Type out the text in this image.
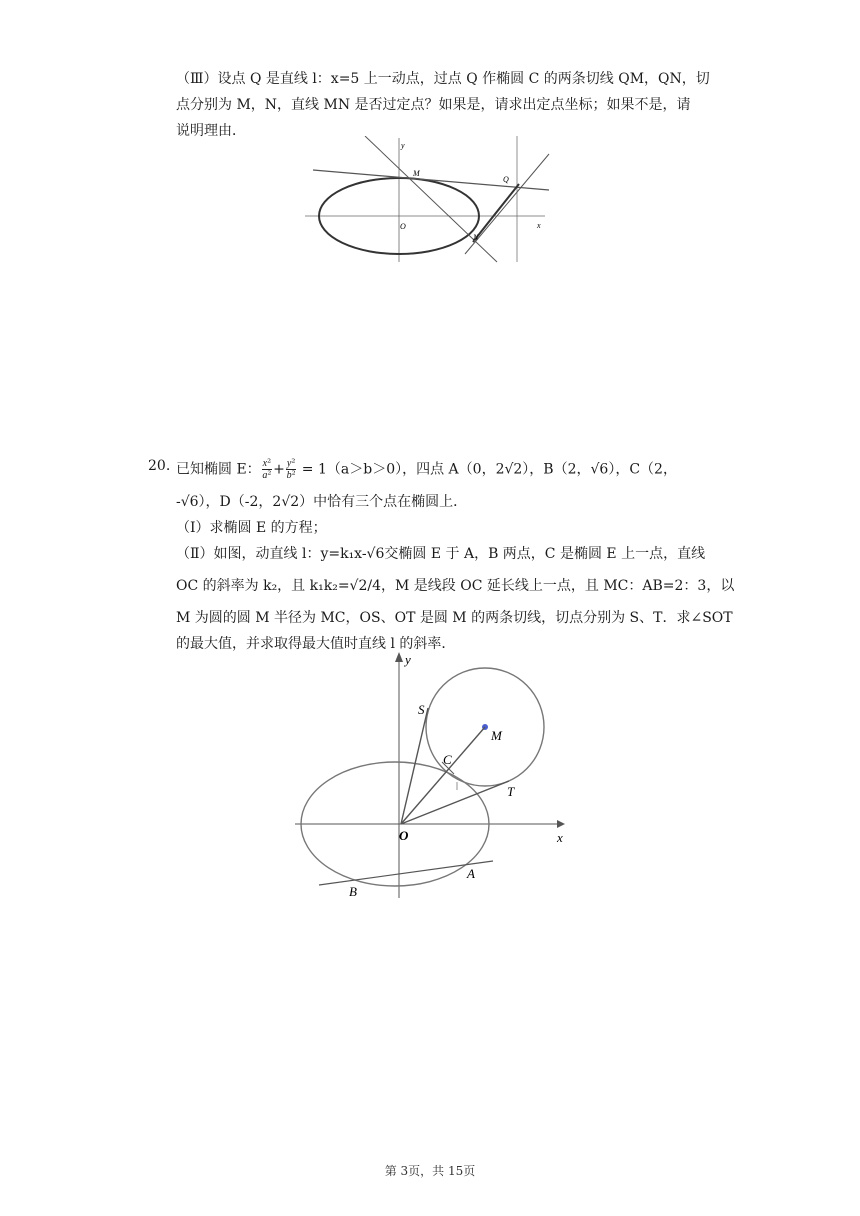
（Ⅲ）设点 Q 是直线 l：x=5 上一动点，过点 Q 作椭圆 C 的两条切线 QM，QN，切
点分别为 M，N，直线 MN 是否过定点？如果是，请求出定点坐标；如果不是，请
说明理由．
y
x
O
M
N
Q
20. 已知椭圆 E： $\frac{\text{x²}}{\text{a²}} + \frac{\text{y²}}{\text{b²}} = 1(a>b>0)$，四点 A（0，2√2），B（2，√6），C（2，
-√6），D（-2，2√2）中恰有三个点在椭圆上．
（Ⅰ）求椭圆 E 的方程；
（Ⅱ）如图，动直线 l：y=k₁x-√6交椭圆 E 于 A，B 两点，C 是椭圆 E 上一点，直线
OC 的斜率为 k₂，且 k₁k₂=√2/4，M 是线段 OC 延长线上一点，且 MC：AB=2：3，以
M 为圆的圆 M 半径为 MC，OS、OT 是圆 M 的两条切线，切点分别为 S、T．求∠SOT
的最大值，并求取得最大值时直线 l 的斜率．
y
x
O
S
M
C
T
A
B
第 3页，共 15页
